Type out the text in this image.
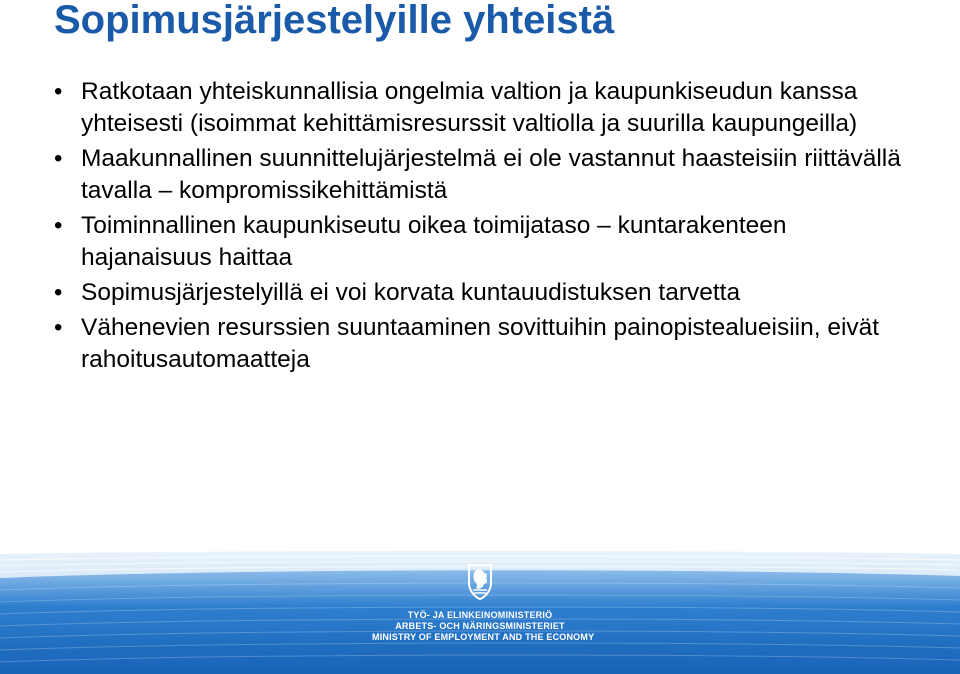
Sopimusjärjestelyille yhteistä
• Ratkotaan yhteiskunnallisia ongelmia valtion ja kaupunkiseudun kanssa yhteisesti (isoimmat kehittämisresurssit valtiolla ja suurilla kaupungeilla)
• Maakunnallinen suunnittelujärjestelmä ei ole vastannut haasteisiin riittävällä tavalla – kompromissikehittämistä
• Toiminnallinen kaupunkiseutu oikea toimijataso – kuntarakenteen hajanaisuus haittaa
• Sopimusjärjestelyillä ei voi korvata kuntauudistuksen tarvetta
• Vähenevien resurssien suuntaaminen sovittuihin painopistealueisiin, eivät rahoitusautomaatteja
TYÖ- JA ELINKEINOMINISTERIÖ
ARBETS- OCH NÄRINGSMINISTERIET
MINISTRY OF EMPLOYMENT AND THE ECONOMY
